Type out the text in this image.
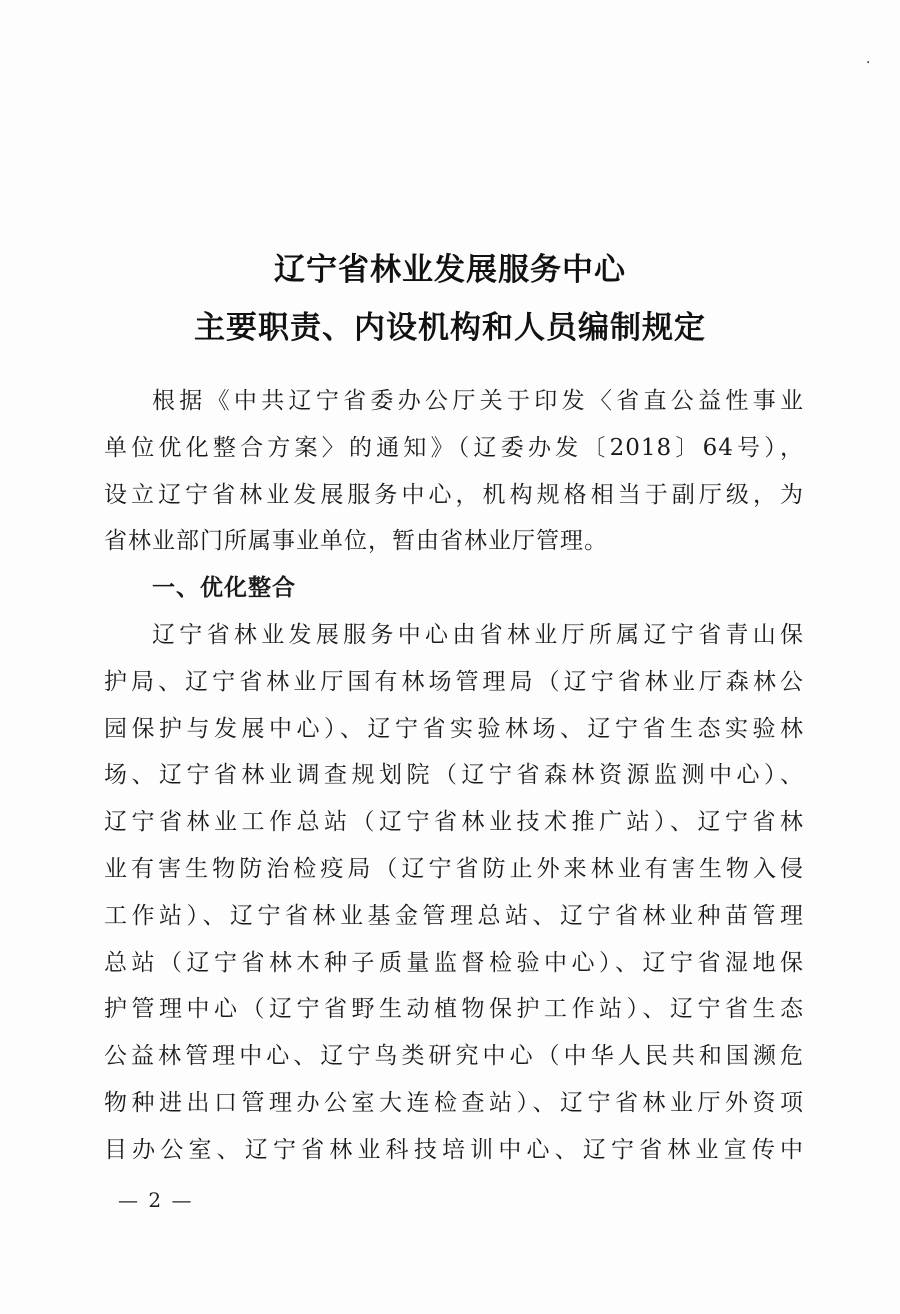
·
辽宁省林业发展服务中心
主要职责、内设机构和人员编制规定
根据《中共辽宁省委办公厅关于印发〈省直公益性事业
单位优化整合方案〉的通知》（辽委办发〔2018〕64号），
设立辽宁省林业发展服务中心，机构规格相当于副厅级，为
省林业部门所属事业单位，暂由省林业厅管理。
一、优化整合
辽宁省林业发展服务中心由省林业厅所属辽宁省青山保
护局、辽宁省林业厅国有林场管理局（辽宁省林业厅森林公
园保护与发展中心）、辽宁省实验林场、辽宁省生态实验林
场、辽宁省林业调查规划院（辽宁省森林资源监测中心）、
辽宁省林业工作总站（辽宁省林业技术推广站）、辽宁省林
业有害生物防治检疫局（辽宁省防止外来林业有害生物入侵
工作站）、辽宁省林业基金管理总站、辽宁省林业种苗管理
总站（辽宁省林木种子质量监督检验中心）、辽宁省湿地保
护管理中心（辽宁省野生动植物保护工作站）、辽宁省生态
公益林管理中心、辽宁鸟类研究中心（中华人民共和国濒危
物种进出口管理办公室大连检查站）、辽宁省林业厅外资项
目办公室、辽宁省林业科技培训中心、辽宁省林业宣传中
— 2 —
